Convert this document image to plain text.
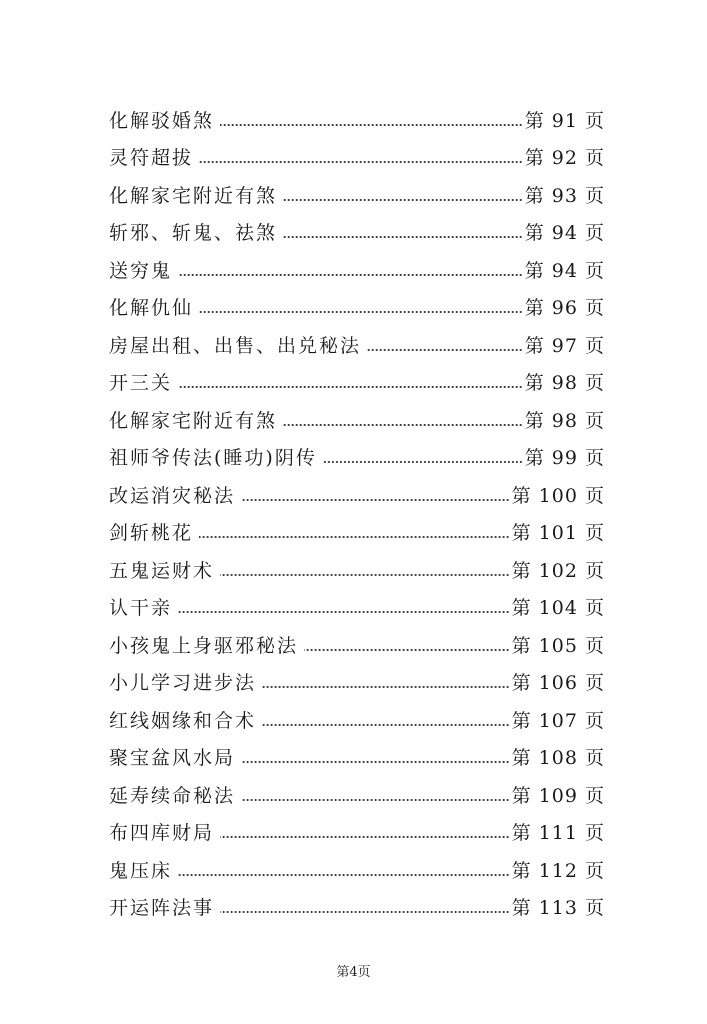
化解驳婚煞	第 91 页
灵符超拔	第 92 页
化解家宅附近有煞	第 93 页
斩邪、斩鬼、祛煞	第 94 页
送穷鬼	第 94 页
化解仇仙	第 96 页
房屋出租、出售、出兑秘法	第 97 页
开三关	第 98 页
化解家宅附近有煞	第 98 页
祖师爷传法(睡功)阴传	第 99 页
改运消灾秘法	第 100 页
剑斩桃花	第 101 页
五鬼运财术	第 102 页
认干亲	第 104 页
小孩鬼上身驱邪秘法	第 105 页
小儿学习进步法	第 106 页
红线姻缘和合术	第 107 页
聚宝盆风水局	第 108 页
延寿续命秘法	第 109 页
布四库财局	第 111 页
鬼压床	第 112 页
开运阵法事	第 113 页
第4页
